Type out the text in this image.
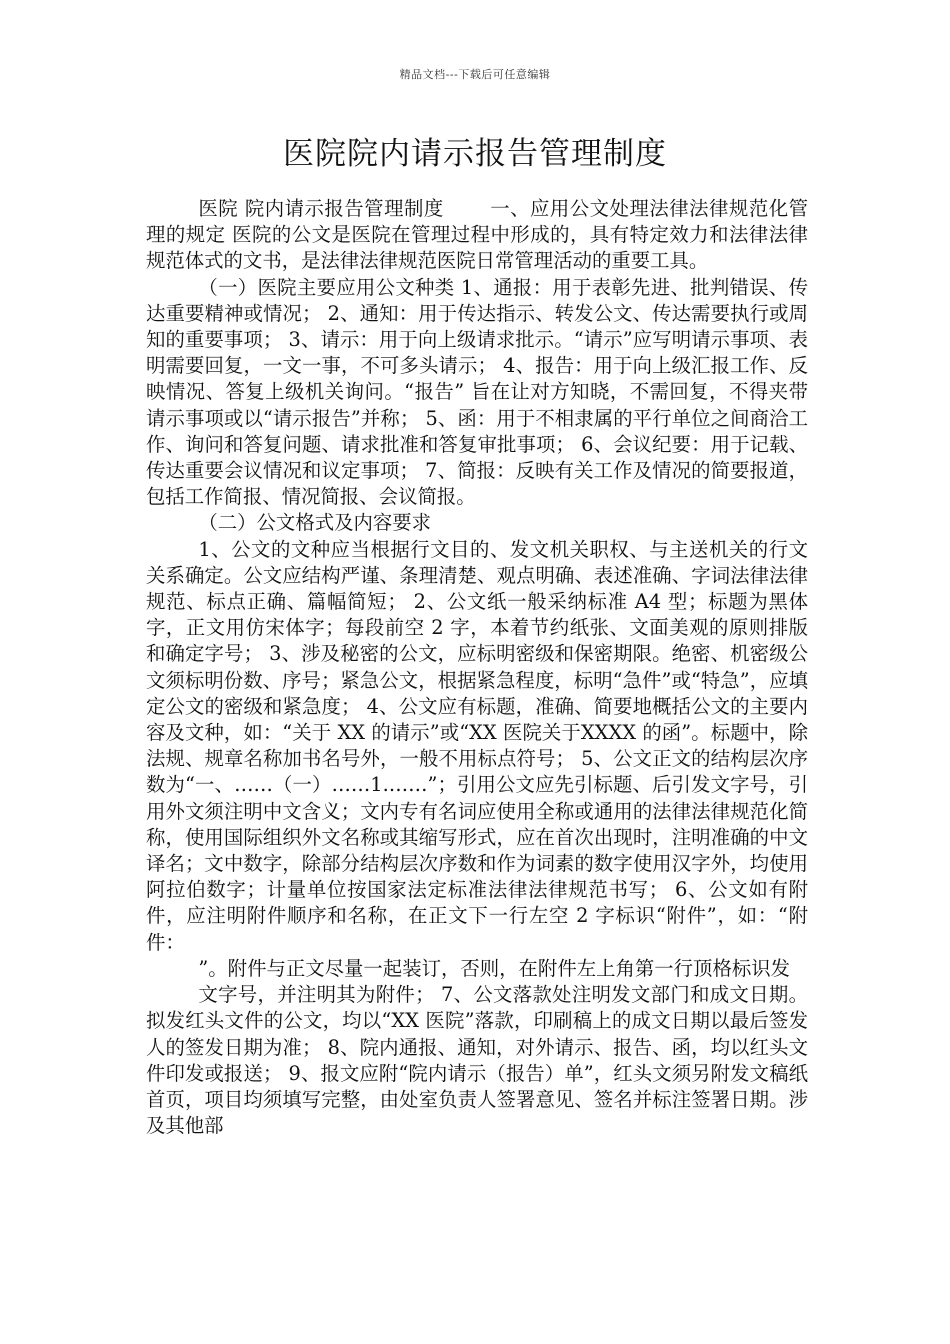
精品文档---下载后可任意编辑
医院院内请示报告管理制度

医院 院内请示报告管理制度 　　一、应用公文处理法律法律规范化管理的规定 医院的公文是医院在管理过程中形成的，具有特定效力和法律法律规范体式的文书，是法律法律规范医院日常管理活动的重要工具。

（一）医院主要应用公文种类 1、通报：用于表彰先进、批判错误、传达重要精神或情况； 2、通知：用于传达指示、转发公文、传达需要执行或周知的重要事项； 3、请示：用于向上级请求批示。“请示”应写明请示事项、表明需要回复，一文一事，不可多头请示； 4、报告：用于向上级汇报工作、反映情况、答复上级机关询问。“报告” 旨在让对方知晓，不需回复，不得夹带请示事项或以“请示报告”并称； 5、函：用于不相隶属的平行单位之间商洽工作、询问和答复问题、请求批准和答复审批事项； 6、会议纪要：用于记载、传达重要会议情况和议定事项； 7、简报：反映有关工作及情况的简要报道，包括工作简报、情况简报、会议简报。

（二）公文格式及内容要求

1、公文的文种应当根据行文目的、发文机关职权、与主送机关的行文关系确定。公文应结构严谨、条理清楚、观点明确、表述准确、字词法律法律规范、标点正确、篇幅简短； 2、公文纸一般采纳标准 A4 型；标题为黑体字，正文用仿宋体字；每段前空 2 字，本着节约纸张、文面美观的原则排版和确定字号； 3、涉及秘密的公文，应标明密级和保密期限。绝密、机密级公文须标明份数、序号；紧急公文，根据紧急程度，标明“急件”或“特急”，应填定公文的密级和紧急度； 4、公文应有标题，准确、简要地概括公文的主要内容及文种，如：“关于 XX 的请示”或“XX 医院关于XXXX 的函”。标题中，除法规、规章名称加书名号外，一般不用标点符号； 5、公文正文的结构层次序数为“一、……（一）……1.……”；引用公文应先引标题、后引发文字号，引用外文须注明中文含义；文内专有名词应使用全称或通用的法律法律规范化简称，使用国际组织外文名称或其缩写形式，应在首次出现时，注明准确的中文译名；文中数字，除部分结构层次序数和作为词素的数字使用汉字外，均使用阿拉伯数字；计量单位按国家法定标准法律法律规范书写； 6、公文如有附件，应注明附件顺序和名称，在正文下一行左空 2 字标识“附件”，如：“附件：

”。附件与正文尽量一起装订，否则，在附件左上角第一行顶格标识发

文字号，并注明其为附件； 7、公文落款处注明发文部门和成文日期。拟发红头文件的公文，均以“XX 医院”落款，印刷稿上的成文日期以最后签发人的签发日期为准； 8、院内通报、通知，对外请示、报告、函，均以红头文件印发或报送； 9、报文应附“院内请示（报告）单”，红头文须另附发文稿纸首页，项目均须填写完整，由处室负责人签署意见、签名并标注签署日期。涉及其他部
